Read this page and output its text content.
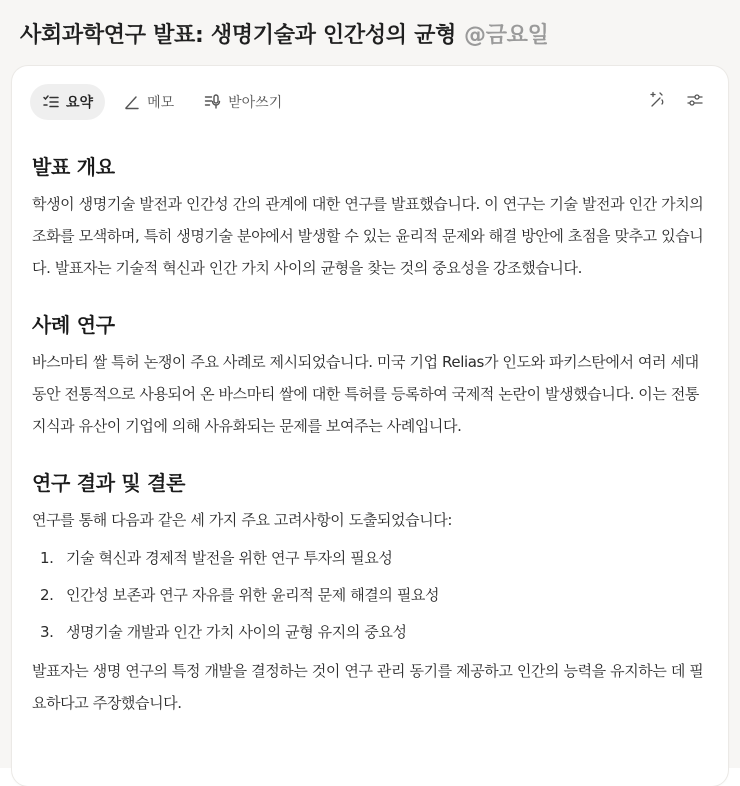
사회과학연구 발표: 생명기술과 인간성의 균형 @금요일
요약	메모	받아쓰기
발표 개요

학생이 생명기술 발전과 인간성 간의 관계에 대한 연구를 발표했습니다. 이 연구는 기술 발전과 인간 가치의 조화를 모색하며, 특히 생명기술 분야에서 발생할 수 있는 윤리적 문제와 해결 방안에 초점을 맞추고 있습니다. 발표자는 기술적 혁신과 인간 가치 사이의 균형을 찾는 것의 중요성을 강조했습니다.

사례 연구

바스마티 쌀 특허 논쟁이 주요 사례로 제시되었습니다. 미국 기업 Relias가 인도와 파키스탄에서 여러 세대 동안 전통적으로 사용되어 온 바스마티 쌀에 대한 특허를 등록하여 국제적 논란이 발생했습니다. 이는 전통 지식과 유산이 기업에 의해 사유화되는 문제를 보여주는 사례입니다.

연구 결과 및 결론

연구를 통해 다음과 같은 세 가지 주요 고려사항이 도출되었습니다:

1. 기술 혁신과 경제적 발전을 위한 연구 투자의 필요성
2. 인간성 보존과 연구 자유를 위한 윤리적 문제 해결의 필요성
3. 생명기술 개발과 인간 가치 사이의 균형 유지의 중요성

발표자는 생명 연구의 특정 개발을 결정하는 것이 연구 관리 동기를 제공하고 인간의 능력을 유지하는 데 필요하다고 주장했습니다.
